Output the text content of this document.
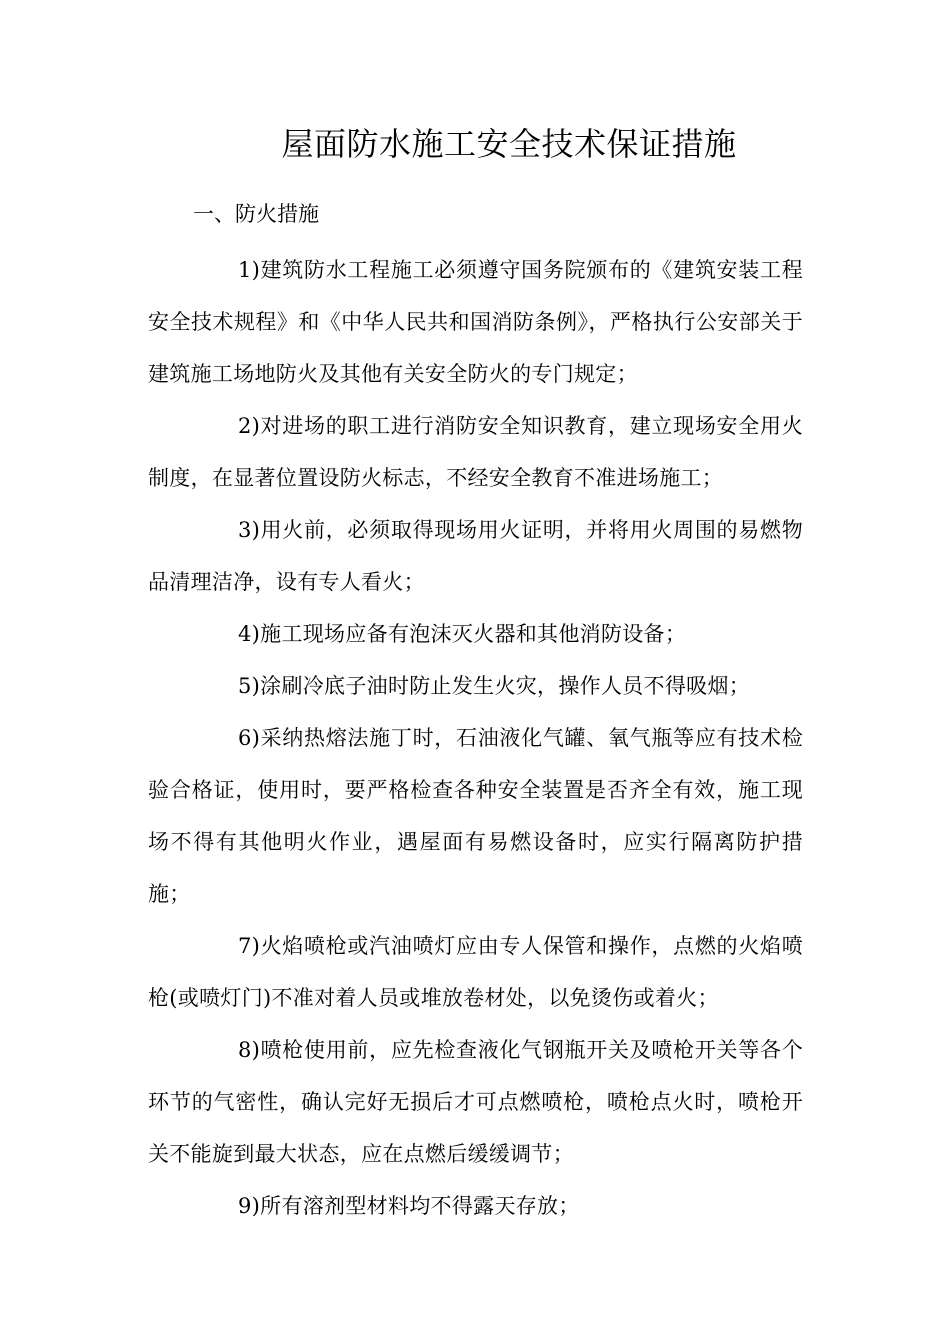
屋面防水施工安全技术保证措施
一、防火措施

1)建筑防水工程施工必须遵守国务院颁布的《建筑安装工程安全技术规程》和《中华人民共和国消防条例》，严格执行公安部关于建筑施工场地防火及其他有关安全防火的专门规定；

2)对进场的职工进行消防安全知识教育，建立现场安全用火制度，在显著位置设防火标志，不经安全教育不准进场施工；

3)用火前，必须取得现场用火证明，并将用火周围的易燃物品清理洁净，设有专人看火；

4)施工现场应备有泡沫灭火器和其他消防设备；

5)涂刷冷底子油时防止发生火灾，操作人员不得吸烟；

6)采纳热熔法施丁时，石油液化气罐、氧气瓶等应有技术检验合格证，使用时，要严格检查各种安全装置是否齐全有效，施工现场不得有其他明火作业，遇屋面有易燃设备时，应实行隔离防护措施；

7)火焰喷枪或汽油喷灯应由专人保管和操作，点燃的火焰喷枪(或喷灯门)不准对着人员或堆放卷材处，以免烫伤或着火；

8)喷枪使用前，应先检查液化气钢瓶开关及喷枪开关等各个环节的气密性，确认完好无损后才可点燃喷枪，喷枪点火时，喷枪开关不能旋到最大状态，应在点燃后缓缓调节；

9)所有溶剂型材料均不得露天存放；
